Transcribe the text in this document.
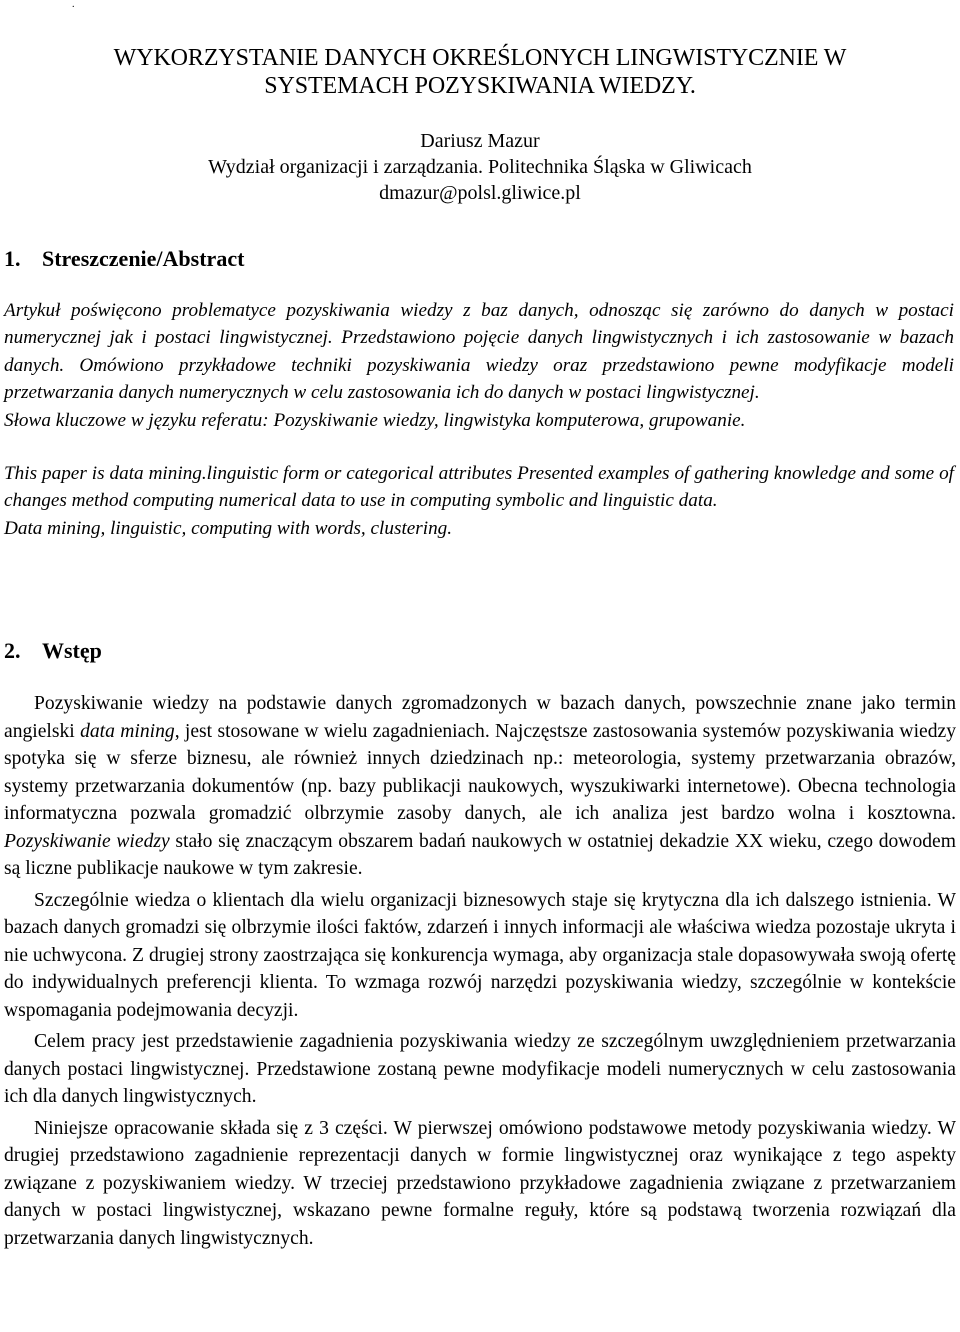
.
WYKORZYSTANIE DANYCH OKREŚLONYCH LINGWISTYCZNIE W
SYSTEMACH POZYSKIWANIA WIEDZY.
Dariusz Mazur
Wydział organizacji i zarządzania. Politechnika Śląska w Gliwicach
dmazur@polsl.gliwice.pl
1. Streszczenie/Abstract

Artykuł poświęcono problematyce pozyskiwania wiedzy z baz danych, odnosząc się zarówno do danych w postaci numerycznej jak i postaci lingwistycznej. Przedstawiono pojęcie danych lingwistycznych i ich zastosowanie w bazach danych. Omówiono przykładowe techniki pozyskiwania wiedzy oraz przedstawiono pewne modyfikacje modeli przetwarzania danych numerycznych w celu zastosowania ich do danych w postaci lingwistycznej.

Słowa kluczowe w języku referatu: Pozyskiwanie wiedzy, lingwistyka komputerowa, grupowanie.

This paper is data mining.linguistic form or categorical attributes Presented examples of gathering knowledge and some of changes method computing numerical data to use in computing symbolic and linguistic data.

Data mining, linguistic, computing with words, clustering.

2. Wstęp

Pozyskiwanie wiedzy na podstawie danych zgromadzonych w bazach danych, powszechnie znane jako termin angielski data mining, jest stosowane w wielu zagadnieniach. Najczęstsze zastosowania systemów pozyskiwania wiedzy spotyka się w sferze biznesu, ale również innych dziedzinach np.: meteorologia, systemy przetwarzania obrazów, systemy przetwarzania dokumentów (np. bazy publikacji naukowych, wyszukiwarki internetowe). Obecna technologia informatyczna pozwala gromadzić olbrzymie zasoby danych, ale ich analiza jest bardzo wolna i kosztowna. Pozyskiwanie wiedzy stało się znaczącym obszarem badań naukowych w ostatniej dekadzie XX wieku, czego dowodem są liczne publikacje naukowe w tym zakresie.

Szczególnie wiedza o klientach dla wielu organizacji biznesowych staje się krytyczna dla ich dalszego istnienia. W bazach danych gromadzi się olbrzymie ilości faktów, zdarzeń i innych informacji ale właściwa wiedza pozostaje ukryta i nie uchwycona. Z drugiej strony zaostrzająca się konkurencja wymaga, aby organizacja stale dopasowywała swoją ofertę do indywidualnych preferencji klienta. To wzmaga rozwój narzędzi pozyskiwania wiedzy, szczególnie w kontekście wspomagania podejmowania decyzji.

Celem pracy jest przedstawienie zagadnienia pozyskiwania wiedzy ze szczególnym uwzględnieniem przetwarzania danych postaci lingwistycznej. Przedstawione zostaną pewne modyfikacje modeli numerycznych w celu zastosowania ich dla danych lingwistycznych.

Niniejsze opracowanie składa się z 3 części. W pierwszej omówiono podstawowe metody pozyskiwania wiedzy. W drugiej przedstawiono zagadnienie reprezentacji danych w formie lingwistycznej oraz wynikające z tego aspekty związane z pozyskiwaniem wiedzy. W trzeciej przedstawiono przykładowe zagadnienia związane z przetwarzaniem danych w postaci lingwistycznej, wskazano pewne formalne reguły, które są podstawą tworzenia rozwiązań dla przetwarzania danych lingwistycznych.
